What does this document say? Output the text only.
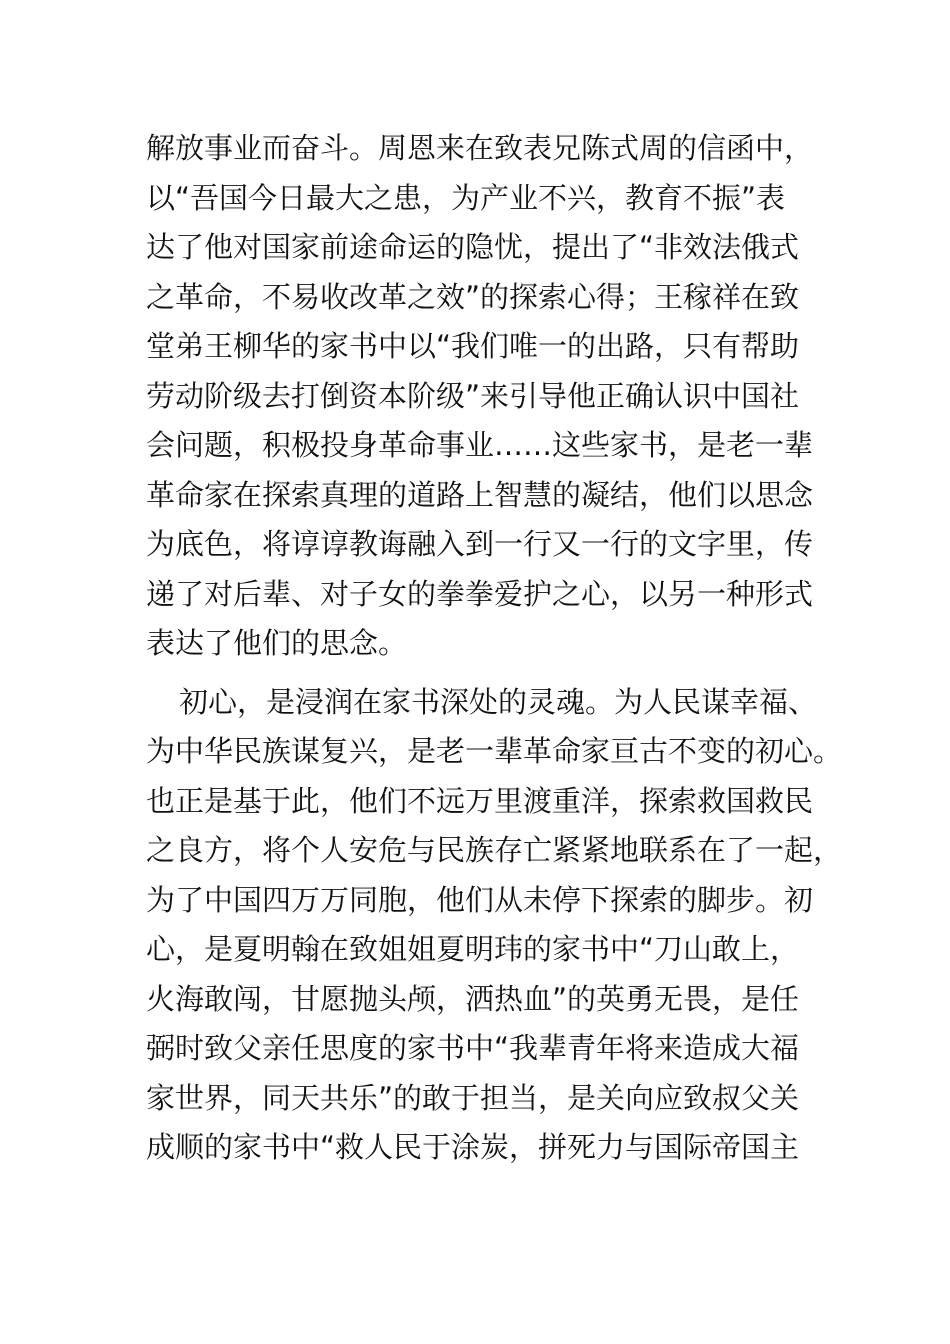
解放事业而奋斗。周恩来在致表兄陈式周的信函中，
以“吾国今日最大之患，为产业不兴，教育不振”表
达了他对国家前途命运的隐忧，提出了“非效法俄式
之革命，不易收改革之效”的探索心得；王稼祥在致
堂弟王柳华的家书中以“我们唯一的出路，只有帮助
劳动阶级去打倒资本阶级”来引导他正确认识中国社
会问题，积极投身革命事业……这些家书，是老一辈
革命家在探索真理的道路上智慧的凝结，他们以思念
为底色，将谆谆教诲融入到一行又一行的文字里，传
递了对后辈、对子女的拳拳爱护之心，以另一种形式
表达了他们的思念。
初心，是浸润在家书深处的灵魂。为人民谋幸福、
为中华民族谋复兴，是老一辈革命家亘古不变的初心。
也正是基于此，他们不远万里渡重洋，探索救国救民
之良方，将个人安危与民族存亡紧紧地联系在了一起，
为了中国四万万同胞，他们从未停下探索的脚步。初
心，是夏明翰在致姐姐夏明玮的家书中“刀山敢上，
火海敢闯，甘愿抛头颅，洒热血”的英勇无畏，是任
弼时致父亲任思度的家书中“我辈青年将来造成大福
家世界，同天共乐”的敢于担当，是关向应致叔父关
成顺的家书中“救人民于涂炭，拼死力与国际帝国主
